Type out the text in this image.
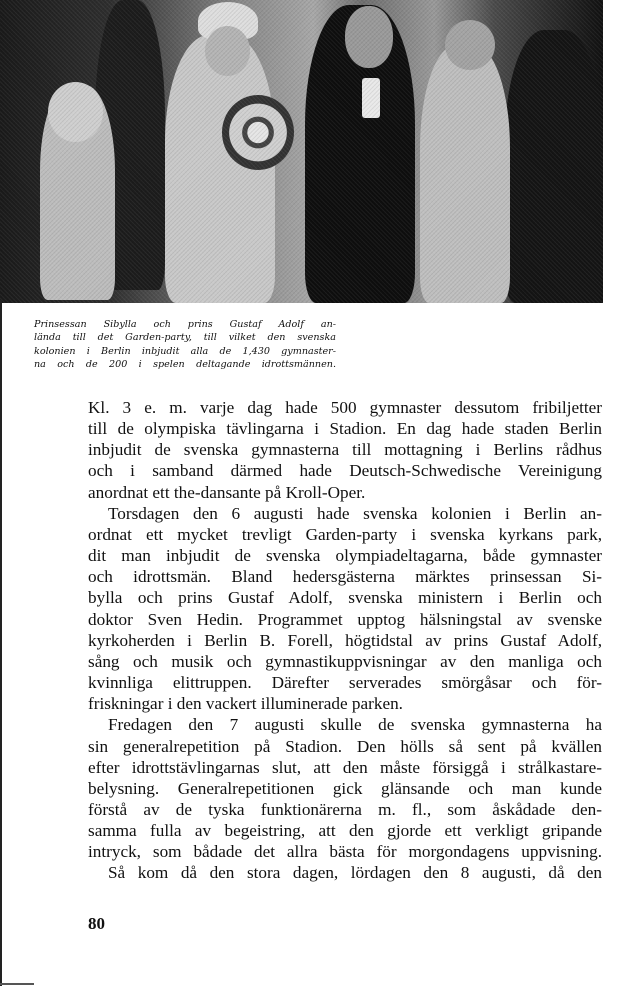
Prinsessan Sibylla och prins Gustaf Adolf an-
lända till det Garden-party, till vilket den svenska
kolonien i Berlin inbjudit alla de 1,430 gymnaster-
na och de 200 i spelen deltagande idrottsmännen.

Kl. 3 e. m. varje dag hade 500 gymnaster dessutom fribiljetter
till de olympiska tävlingarna i Stadion. En dag hade staden Berlin
inbjudit de svenska gymnasterna till mottagning i Berlins rådhus
och i samband därmed hade Deutsch-Schwedische Vereinigung
anordnat ett the-dansante på Kroll-Oper.
Torsdagen den 6 augusti hade svenska kolonien i Berlin an-
ordnat ett mycket trevligt Garden-party i svenska kyrkans park,
dit man inbjudit de svenska olympiadeltagarna, både gymnaster
och idrottsmän. Bland hedersgästerna märktes prinsessan Si-
bylla och prins Gustaf Adolf, svenska ministern i Berlin och
doktor Sven Hedin. Programmet upptog hälsningstal av svenske
kyrkoherden i Berlin B. Forell, högtidstal av prins Gustaf Adolf,
sång och musik och gymnastikuppvisningar av den manliga och
kvinnliga elittruppen. Därefter serverades smörgåsar och för-
friskningar i den vackert illuminerade parken.
Fredagen den 7 augusti skulle de svenska gymnasterna ha
sin generalrepetition på Stadion. Den hölls så sent på kvällen
efter idrottstävlingarnas slut, att den måste försiggå i strålkastare-
belysning. Generalrepetitionen gick glänsande och man kunde
förstå av de tyska funktionärerna m. fl., som åskådade den-
samma fulla av begeistring, att den gjorde ett verkligt gripande
intryck, som bådade det allra bästa för morgondagens uppvisning.
Så kom då den stora dagen, lördagen den 8 augusti, då den
80
